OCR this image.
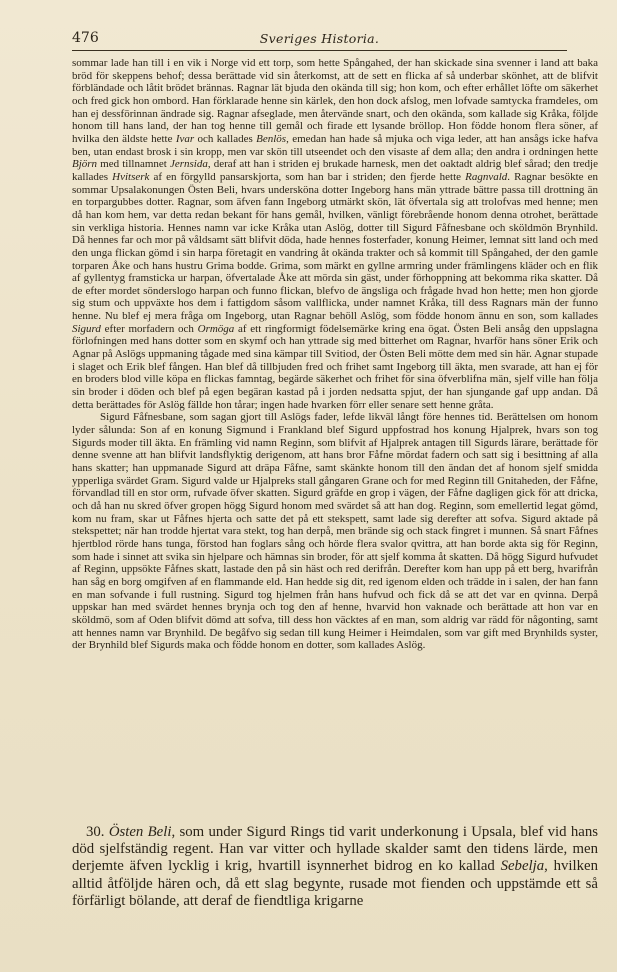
476	Sveriges Historia.

sommar lade han till i en vik i Norge vid ett torp, som hette Spångahed, der han skickade sina svenner i land att baka bröd för skeppens behof; dessa berättade vid sin återkomst, att de sett en flicka af så underbar skönhet, att de blifvit förbländade och låtit brödet brännas. Ragnar lät bjuda den okända till sig; hon kom, och efter erhållet löfte om säkerhet och fred gick hon ombord. Han förklarade henne sin kärlek, den hon dock afslog, men lofvade samtycka framdeles, om han ej dessförinnan ändrade sig. Ragnar afseglade, men återvände snart, och den okända, som kallade sig Kråka, följde honom till hans land, der han tog henne till gemål och firade ett lysande bröllop. Hon födde honom flera söner, af hvilka den äldste hette Ivar och kallades Benlös, emedan han hade så mjuka och viga leder, att han ansågs icke hafva ben, utan endast brosk i sin kropp, men var skön till utseendet och den visaste af dem alla; den andra i ordningen hette Björn med tillnamnet Jernsida, deraf att han i striden ej brukade harnesk, men det oaktadt aldrig blef sårad; den tredje kallades Hvitserk af en förgylld pansarskjorta, som han bar i striden; den fjerde hette Ragnvald. Ragnar besökte en sommar Upsalakonungen Östen Beli, hvars undersköna dotter Ingeborg hans män yttrade bättre passa till drottning än en torpargubbes dotter. Ragnar, som äfven fann Ingeborg utmärkt skön, lät öfvertala sig att trolofvas med henne; men då han kom hem, var detta redan bekant för hans gemål, hvilken, vänligt förebrående honom denna otrohet, berättade sin verkliga historia. Hennes namn var icke Kråka utan Aslög, dotter till Sigurd Fåfnesbane och sköldmön Brynhild. Då hennes far och mor på våldsamt sätt blifvit döda, hade hennes fosterfader, konung Heimer, lemnat sitt land och med den unga flickan gömd i sin harpa företagit en vandring åt okända trakter och så kommit till Spångahed, der den gamle torparen Åke och hans hustru Grima bodde. Grima, som märkt en gyllne armring under främlingens kläder och en flik af gyllentyg framsticka ur harpan, öfvertalade Åke att mörda sin gäst, under förhoppning att bekomma rika skatter. Då de efter mordet sönderslogo harpan och funno flickan, blefvo de ängsliga och frågade hvad hon hette; men hon gjorde sig stum och uppväxte hos dem i fattigdom såsom vallflicka, under namnet Kråka, till dess Ragnars män der funno henne. Nu blef ej mera fråga om Ingeborg, utan Ragnar behöll Aslög, som födde honom ännu en son, som kallades Sigurd efter morfadern och Ormöga af ett ringformigt födelsemärke kring ena ögat. Östen Beli ansåg den uppslagna förlofningen med hans dotter som en skymf och han yttrade sig med bitterhet om Ragnar, hvarför hans söner Erik och Agnar på Aslögs uppmaning tågade med sina kämpar till Svitiod, der Östen Beli mötte dem med sin här. Agnar stupade i slaget och Erik blef fången. Han blef då tillbjuden fred och frihet samt Ingeborg till äkta, men svarade, att han ej för en broders blod ville köpa en flickas famntag, begärde säkerhet och frihet för sina öfverblifna män, sjelf ville han följa sin broder i döden och blef på egen begäran kastad på i jorden nedsatta spjut, der han sjungande gaf upp andan. Då detta berättades för Aslög fällde hon tårar; ingen hade hvarken förr eller senare sett henne gråta.

Sigurd Fåfnesbane, som sagan gjort till Aslögs fader, lefde likväl långt före hennes tid. Berättelsen om honom lyder sålunda: Son af en konung Sigmund i Frankland blef Sigurd uppfostrad hos konung Hjalprek, hvars son tog Sigurds moder till äkta. En främling vid namn Reginn, som blifvit af Hjalprek antagen till Sigurds lärare, berättade för denne svenne att han blifvit landsflyktig derigenom, att hans bror Fåfne mördat fadern och satt sig i besittning af alla hans skatter; han uppmanade Sigurd att dräpa Fåfne, samt skänkte honom till den ändan det af honom sjelf smidda ypperliga svärdet Gram. Sigurd valde ur Hjalpreks stall gångaren Grane och for med Reginn till Gnitaheden, der Fåfne, förvandlad till en stor orm, rufvade öfver skatten. Sigurd gräfde en grop i vägen, der Fåfne dagligen gick för att dricka, och då han nu skred öfver gropen högg Sigurd honom med svärdet så att han dog. Reginn, som emellertid legat gömd, kom nu fram, skar ut Fåfnes hjerta och satte det på ett stekspett, samt lade sig derefter att sofva. Sigurd aktade på stekspettet; när han trodde hjertat vara stekt, tog han derpå, men brände sig och stack fingret i munnen. Så snart Fåfnes hjertblod rörde hans tunga, förstod han foglars sång och hörde flera svalor qvittra, att han borde akta sig för Reginn, som hade i sinnet att svika sin hjelpare och hämnas sin broder, för att sjelf komma åt skatten. Då högg Sigurd hufvudet af Reginn, uppsökte Fåfnes skatt, lastade den på sin häst och red derifrån. Derefter kom han upp på ett berg, hvarifrån han såg en borg omgifven af en flammande eld. Han hedde sig dit, red igenom elden och trädde in i salen, der han fann en man sofvande i full rustning. Sigurd tog hjelmen från hans hufvud och fick då se att det var en qvinna. Derpå uppskar han med svärdet hennes brynja och tog den af henne, hvarvid hon vaknade och berättade att hon var en sköldmö, som af Oden blifvit dömd att sofva, till dess hon väcktes af en man, som aldrig var rädd för någonting, samt att hennes namn var Brynhild. De begåfvo sig sedan till kung Heimer i Heimdalen, som var gift med Brynhilds syster, der Brynhild blef Sigurds maka och födde honom en dotter, som kallades Aslög.

30. Östen Beli, som under Sigurd Rings tid varit underkonung i Upsala, blef vid hans död sjelfständig regent. Han var vitter och hyllade skalder samt den tidens lärde, men derjemte äfven lycklig i krig, hvartill isynnerhet bidrog en ko kallad Sebelja, hvilken alltid åtföljde hären och, då ett slag begynte, rusade mot fienden och uppstämde ett så förfärligt bölande, att deraf de fiendtliga krigarne
